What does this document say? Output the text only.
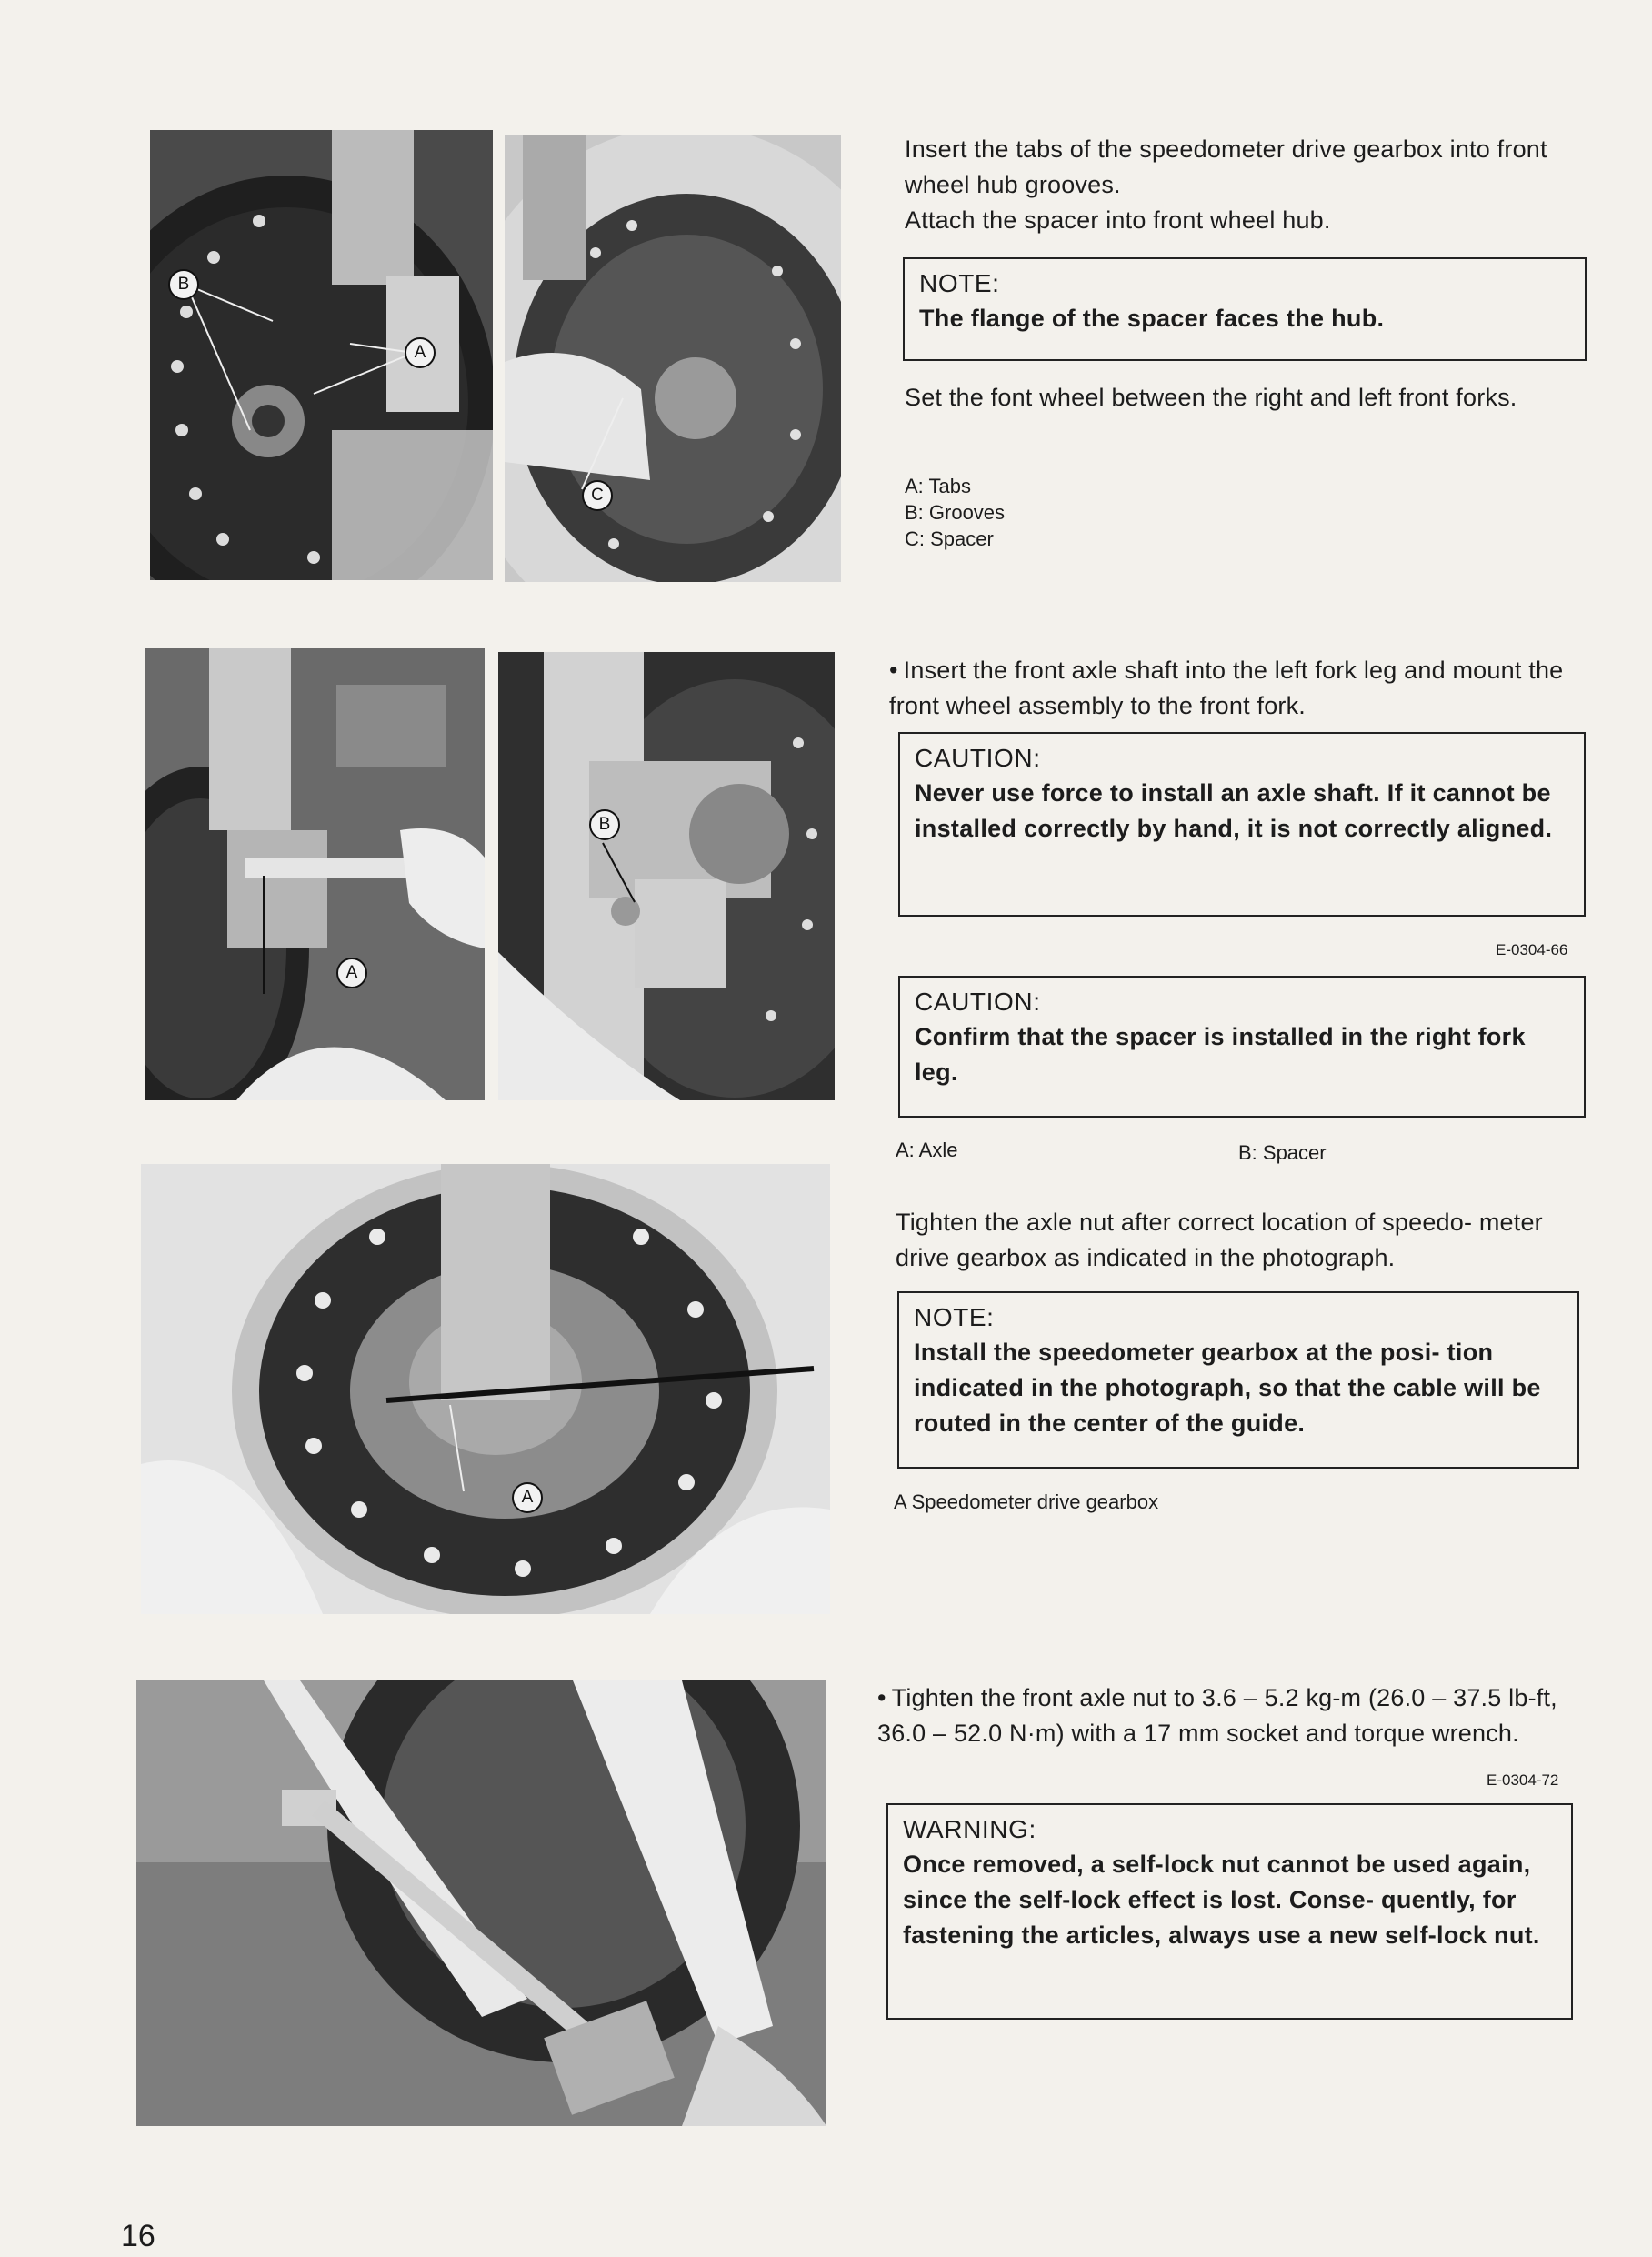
B
A
C
A
B
A

Insert the tabs of the speedometer drive gearbox into front wheel hub grooves.

Attach the spacer into front wheel hub.

NOTE:
The flange of the spacer faces the hub.
Set the font wheel between the right and left front forks.
A: Tabs
B: Grooves
C: Spacer
• Insert the front axle shaft into the left fork leg and mount the front wheel assembly to the front fork.
CAUTION:
Never use force to install an axle shaft. If it cannot be installed correctly by hand, it is not correctly aligned.
E-0304-66
CAUTION:
Confirm that the spacer is installed in the right fork leg.
A: Axle	B: Spacer
Tighten the axle nut after correct location of speedo- meter drive gearbox as indicated in the photograph.
NOTE:
Install the speedometer gearbox at the posi- tion indicated in the photograph, so that the cable will be routed in the center of the guide.
A Speedometer drive gearbox
• Tighten the front axle nut to 3.6 – 5.2 kg-m (26.0 – 37.5 lb-ft, 36.0 – 52.0 N·m) with a 17 mm socket and torque wrench.
E-0304-72
WARNING:
Once removed, a self-lock nut cannot be used again, since the self-lock effect is lost. Conse- quently, for fastening the articles, always use a new self-lock nut.
16
